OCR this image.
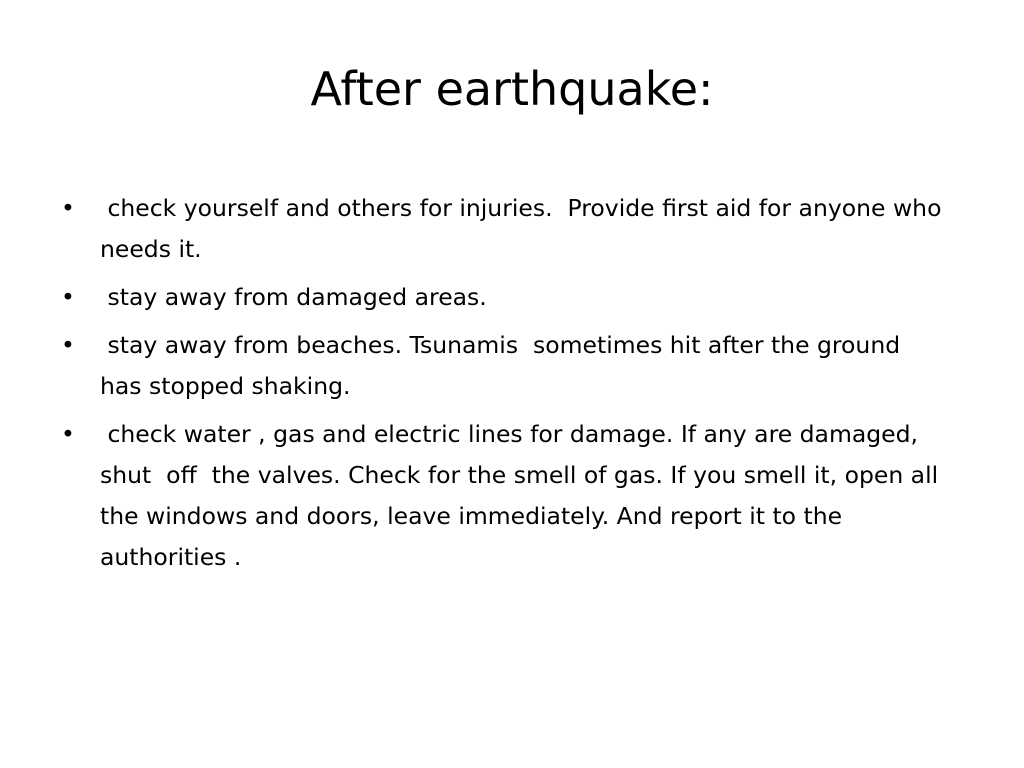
After earthquake:
• check yourself and others for injuries.  Provide first aid for anyone who needs it.
• stay away from damaged areas.
• stay away from beaches. Tsunamis  sometimes hit after the ground has stopped shaking.
• check water , gas and electric lines for damage. If any are damaged,  shut  off  the valves. Check for the smell of gas. If you smell it, open all the windows and doors, leave immediately. And report it to the authorities .
